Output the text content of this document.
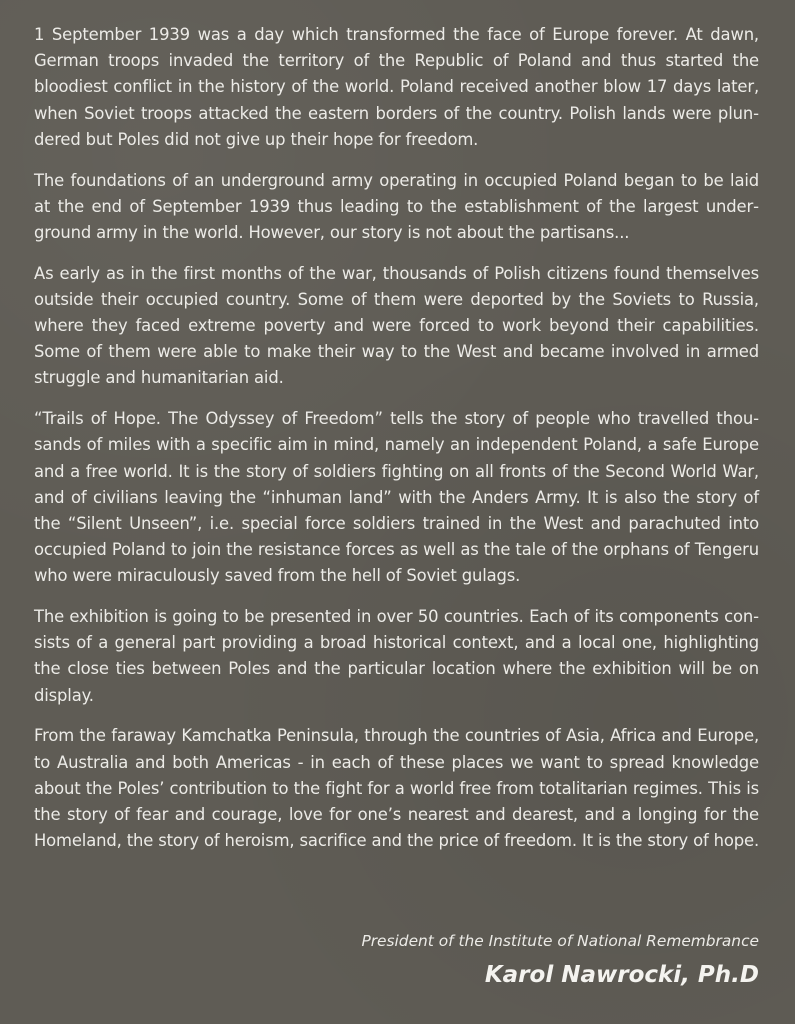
1 September 1939 was a day which transformed the face of Europe forever. At dawn, German troops invaded the territory of the Republic of Poland and thus started the bloodiest conflict in the history of the world. Poland received another blow 17 days later, when Soviet troops attacked the eastern borders of the country. Polish lands were plundered but Poles did not give up their hope for freedom.

The foundations of an underground army operating in occupied Poland began to be laid at the end of September 1939 thus leading to the establishment of the largest underground army in the world. However, our story is not about the partisans...

As early as in the first months of the war, thousands of Polish citizens found themselves outside their occupied country. Some of them were deported by the Soviets to Russia, where they faced extreme poverty and were forced to work beyond their capabilities. Some of them were able to make their way to the West and became involved in armed struggle and humanitarian aid.

“Trails of Hope. The Odyssey of Freedom” tells the story of people who travelled thousands of miles with a specific aim in mind, namely an independent Poland, a safe Europe and a free world. It is the story of soldiers fighting on all fronts of the Second World War, and of civilians leaving the “inhuman land” with the Anders Army. It is also the story of the “Silent Unseen”, i.e. special force soldiers trained in the West and parachuted into occupied Poland to join the resistance forces as well as the tale of the orphans of Tengeru who were miraculously saved from the hell of Soviet gulags.

The exhibition is going to be presented in over 50 countries. Each of its components consists of a general part providing a broad historical context, and a local one, highlighting the close ties between Poles and the particular location where the exhibition will be on display.

From the faraway Kamchatka Peninsula, through the countries of Asia, Africa and Europe, to Australia and both Americas - in each of these places we want to spread knowledge about the Poles’ contribution to the fight for a world free from totalitarian regimes. This is the story of fear and courage, love for one’s nearest and dearest, and a longing for the Homeland, the story of heroism, sacrifice and the price of freedom. It is the story of hope.

President of the Institute of National Remembrance
Karol Nawrocki, Ph.D
